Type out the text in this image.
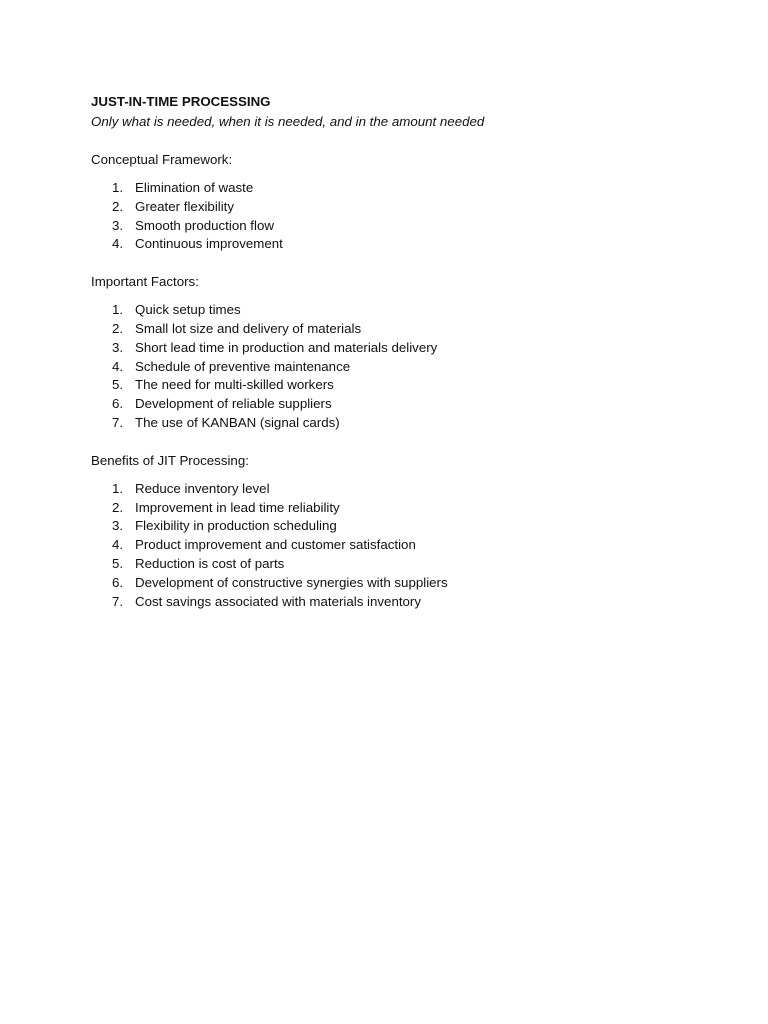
JUST-IN-TIME PROCESSING

Only what is needed, when it is needed, and in the amount needed

Conceptual Framework:

1. Elimination of waste
2. Greater flexibility
3. Smooth production flow
4. Continuous improvement

Important Factors:

1. Quick setup times
2. Small lot size and delivery of materials
3. Short lead time in production and materials delivery
4. Schedule of preventive maintenance
5. The need for multi-skilled workers
6. Development of reliable suppliers
7. The use of KANBAN (signal cards)

Benefits of JIT Processing:

1. Reduce inventory level
2. Improvement in lead time reliability
3. Flexibility in production scheduling
4. Product improvement and customer satisfaction
5. Reduction is cost of parts
6. Development of constructive synergies with suppliers
7. Cost savings associated with materials inventory
